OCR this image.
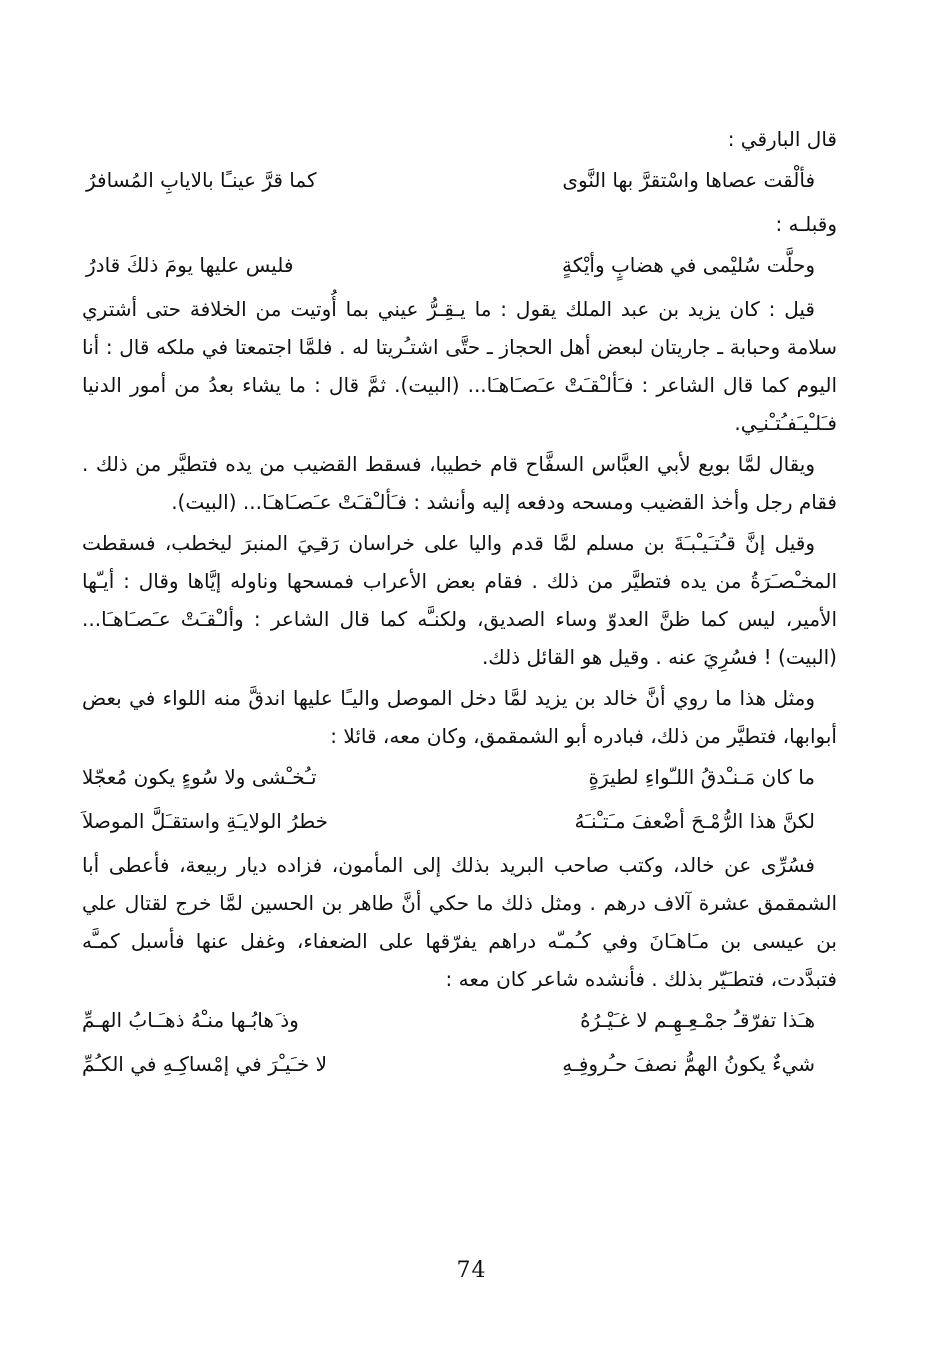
قال البارقي :

فألْقت عصاها واسْتقرَّ بها النَّوى
كما قرَّ عينـًا بالايابِ المُسافرُ

وقبلـه :

وحلَّت سُليْمى في هضابٍ وأيْكةٍ
فليس عليها يومَ ذلكَ قادرُ

قيل : كان يزيد بن عبد الملك يقول : ما يـقِـرُّ عيني بما أُوتيت من الخلافة حتى أشتري سلامة وحبابة ـ جاريتان لبعض أهل الحجاز ـ حتَّى اشتـُريتا له . فلمَّا اجتمعتا في ملكه قال : أنا اليوم كما قال الشاعر : فـَألـْقـَتْ عـَصـَاهـَا... (البيت). ثمَّ قال : ما يشاء بعدُ من أمور الدنيا فـَلـْيـَفـُتـْنـِي.

ويقال لمَّا بويع لأبي العبَّاس السفَّاح قام خطيبا، فسقط القضيب من يده فتطيَّر من ذلك . فقام رجل وأخذ القضيب ومسحه ودفعه إليه وأنشد : فـَألـْقـَتْ عـَصـَاهـَا... (البيت).

وقيل إنَّ قـُتـَيـْبـَةَ بن مسلم لمَّا قدم واليا على خراسان رَقـِيَ المنبرَ ليخطب، فسقطت المخـْصـَرَةُ من يده فتطيَّر من ذلك . فقام بعض الأعراب فمسحها وناوله إيَّاها وقال : أيـّها الأمير، ليس كما ظنَّ العدوّ وساء الصديق، ولكنـَّه كما قال الشاعر : وألـْقـَتْ عـَصـَاهـَا... (البيت) ! فسُرِيَ عنه . وقيل هو القائل ذلك.

ومثل هذا ما روي أنَّ خالد بن يزيد لمَّا دخل الموصل واليـًا عليها اندقَّ منه اللواء في بعض أبوابها، فتطيَّر من ذلك، فبادره أبو الشمقمق، وكان معه، قائلا :

ما كان مَـنـْدقُ اللـّواءِ لطيرَةٍ
تـُخـْشى ولا سُوءٍ يكون مُعجّلا
لكنَّ هذا الرُّمْـحَ أضْعفَ مـَتـْنـَهُ
خطرُ الولايـَةِ واستقـَلَّ الموصلاَ

فسُرِّى عن خالد، وكتب صاحب البريد بذلك إلى المأمون، فزاده ديار ربيعة، فأعطى أبا الشمقمق عشرة آلاف درهم . ومثل ذلك ما حكي أنَّ طاهر بن الحسين لمَّا خرج لقتال علي بن عيسى بن مـَاهـَانَ وفي كـُمـّه دراهم يفرّقها على الضعفاء، وغفل عنها فأسبل كمـَّه فتبدَّدت، فتطـَيّر بذلك . فأنشده شاعر كان معه :

هـَذا تفرّقـُ جمْـعِـهِـم لا غـَيْـرُهُ
وذ َهابُـها منـْهُ ذهـَـابُ الهـمِّ
شيءٌ يكونُ الهمُّ نصفَ حـُروفِـهِ
لا خـَيـْرَ في إمْساكِـهِ في الكـُمِّ
74
